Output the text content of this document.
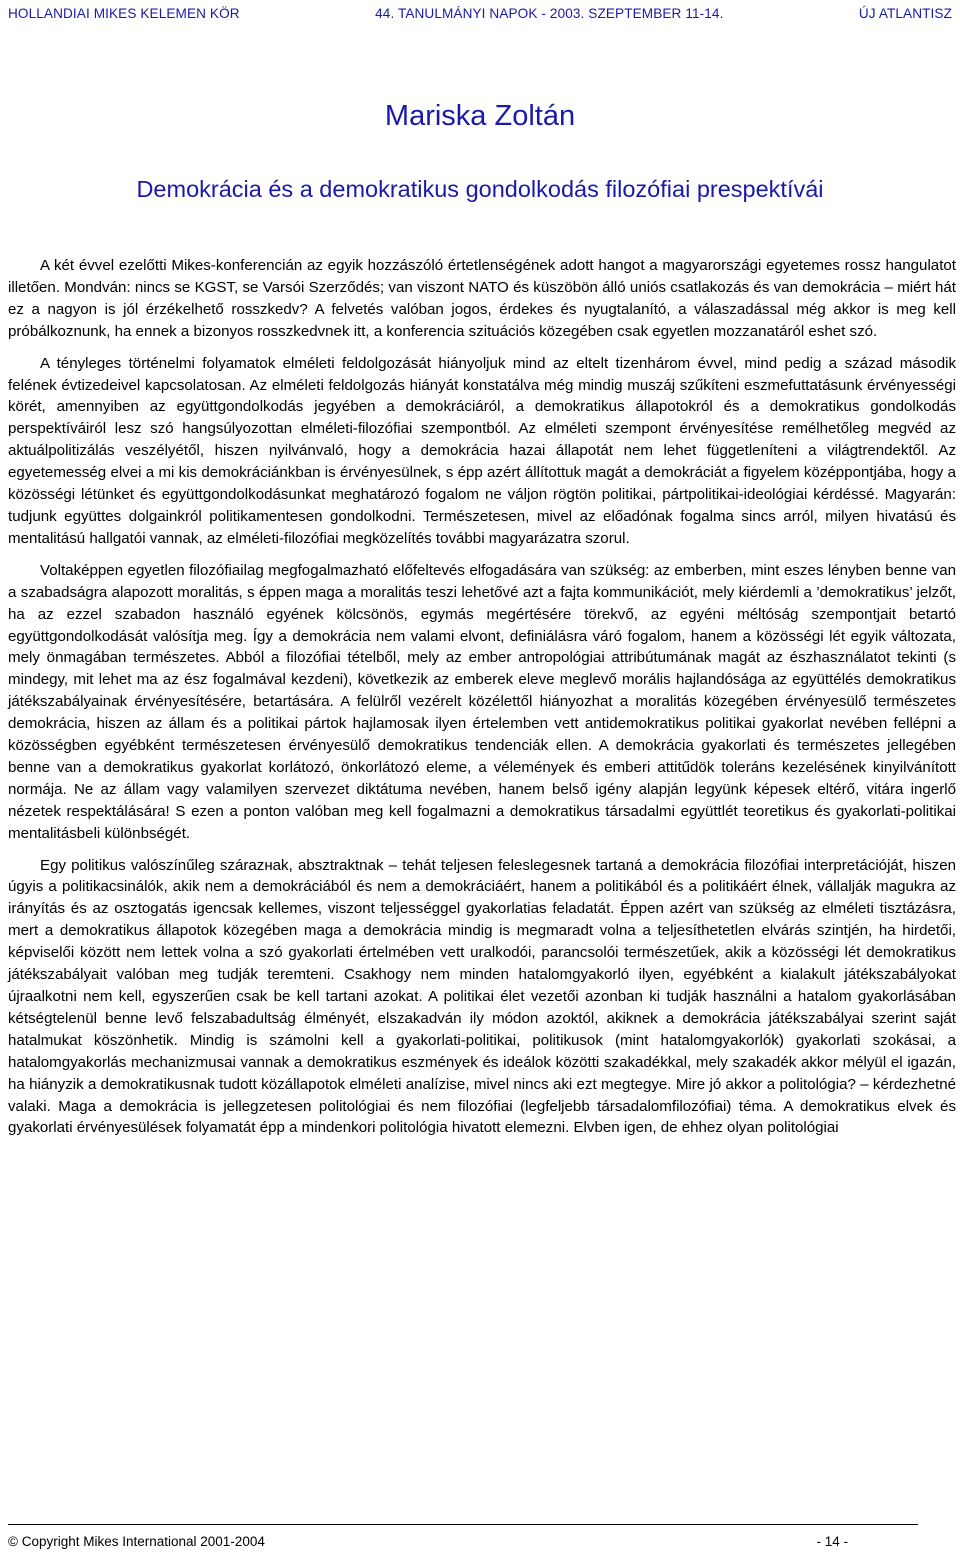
HOLLANDIAI MIKES KELEMEN KÖR	44. TANULMÁNYI NAPOK - 2003. SZEPTEMBER 11-14.	ÚJ ATLANTISZ
Mariska Zoltán
Demokrácia és a demokratikus gondolkodás filozófiai prespektívái

A két évvel ezelőtti Mikes-konferencián az egyik hozzászóló értetlenségének adott hangot a magyarországi egyetemes rossz hangulatot illetően. Mondván: nincs se KGST, se Varsói Szerződés; van viszont NATO és küszöbön álló uniós csatlakozás és van demokrácia – miért hát ez a nagyon is jól érzékelhető rosszkedv? A felvetés valóban jogos, érdekes és nyugtalanító, a válaszadással még akkor is meg kell próbálkoznunk, ha ennek a bizonyos rosszkedvnek itt, a konferencia szituációs közegében csak egyetlen mozzanatáról eshet szó.

A tényleges történelmi folyamatok elméleti feldolgozását hiányoljuk mind az eltelt tizenhárom évvel, mind pedig a század második felének évtizedeivel kapcsolatosan. Az elméleti feldolgozás hiányát konstatálva még mindig muszáj szűkíteni eszmefuttatásunk érvényességi körét, amennyiben az együttgondolkodás jegyében a demokráciáról, a demokratikus állapotokról és a demokratikus gondolkodás perspektíváiról lesz szó hangsúlyozottan elméleti-filozófiai szempontból. Az elméleti szempont érvényesítése remélhetőleg megvéd az aktuálpolitizálás veszélyétől, hiszen nyilvánvaló, hogy a demokrácia hazai állapotát nem lehet függetleníteni a világtrendektől. Az egyetemesség elvei a mi kis demokráciánkban is érvényesülnek, s épp azért állítottuk magát a demokráciát a figyelem középpontjába, hogy a közösségi létünket és együttgondolkodásunkat meghatározó fogalom ne váljon rögtön politikai, pártpolitikai-ideológiai kérdéssé. Magyarán: tudjunk együttes dolgainkról politikamentesen gondolkodni. Természetesen, mivel az előadónak fogalma sincs arról, milyen hivatású és mentalitású hallgatói vannak, az elméleti-filozófiai megközelítés további magyarázatra szorul.

Voltaképpen egyetlen filozófiailag megfogalmazható előfeltevés elfogadására van szükség: az emberben, mint eszes lényben benne van a szabadságra alapozott moralitás, s éppen maga a moralitás teszi lehetővé azt a fajta kommunikációt, mely kiérdemli a ’demokratikus’ jelzőt, ha az ezzel szabadon használó egyének kölcsönös, egymás megértésére törekvő, az egyéni méltóság szempontjait betartó együttgondolkodását valósítja meg. Így a demokrácia nem valami elvont, definiálásra váró fogalom, hanem a közösségi lét egyik változata, mely önmagában természetes. Abból a filozófiai tételből, mely az ember antropológiai attribútumának magát az észhasználatot tekinti (s mindegy, mit lehet ma az ész fogalmával kezdeni), következik az emberek eleve meglevő morális hajlandósága az együttélés demokratikus játékszabályainak érvényesítésére, betartására. A felülről vezérelt közélettől hiányozhat a moralitás közegében érvényesülő természetes demokrácia, hiszen az állam és a politikai pártok hajlamosak ilyen értelemben vett antidemokratikus politikai gyakorlat nevében fellépni a közösségben egyébként természetesen érvényesülő demokratikus tendenciák ellen. A demokrácia gyakorlati és természetes jellegében benne van a demokratikus gyakorlat korlátozó, önkorlátozó eleme, a vélemények és emberi attitűdök toleráns kezelésének kinyilvánított normája. Ne az állam vagy valamilyen szervezet diktátuma nevében, hanem belső igény alapján legyünk képesek eltérő, vitára ingerlő nézetek respektálására! S ezen a ponton valóban meg kell fogalmazni a demokratikus társadalmi együttlét teoretikus és gyakorlati-politikai mentalitásbeli különbségét.

Egy politikus valószínűleg szárazнak, absztraktnak – tehát teljesen feleslegesnek tartaná a demokrácia filozófiai interpretációját, hiszen úgyis a politikacsinálók, akik nem a demokráciából és nem a demokráciáért, hanem a politikából és a politikáért élnek, vállalják magukra az irányítás és az osztogatás igencsak kellemes, viszont teljességgel gyakorlatias feladatát. Éppen azért van szükség az elméleti tisztázásra, mert a demokratikus állapotok közegében maga a demokrácia mindig is megmaradt volna a teljesíthetetlen elvárás szintjén, ha hirdetői, képviselői között nem lettek volna a szó gyakorlati értelmében vett uralkodói, parancsolói természetűek, akik a közösségi lét demokratikus játékszabályait valóban meg tudják teremteni. Csakhogy nem minden hatalomgyakorló ilyen, egyébként a kialakult játékszabályokat újraalkotni nem kell, egyszerűen csak be kell tartani azokat. A politikai élet vezetői azonban ki tudják használni a hatalom gyakorlásában kétségtelenül benne levő felszabadultság élményét, elszakadván ily módon azoktól, akiknek a demokrácia játékszabályai szerint saját hatalmukat köszönhetik. Mindig is számolni kell a gyakorlati-politikai, politikusok (mint hatalomgyakorlók) gyakorlati szokásai, a hatalomgyakorlás mechanizmusai vannak a demokratikus eszmények és ideálok közötti szakadékkal, mely szakadék akkor mélyül el igazán, ha hiányzik a demokratikusnak tudott közállapotok elméleti analízise, mivel nincs aki ezt megtegye. Mire jó akkor a politológia? – kérdezhetné valaki. Maga a demokrácia is jellegzetesen politológiai és nem filozófiai (legfeljebb társadalomfilozófiai) téma. A demokratikus elvek és gyakorlati érvényesülések folyamatát épp a mindenkori politológia hivatott elemezni. Elvben igen, de ehhez olyan politológiai

© Copyright Mikes International 2001-2004	- 14 -
